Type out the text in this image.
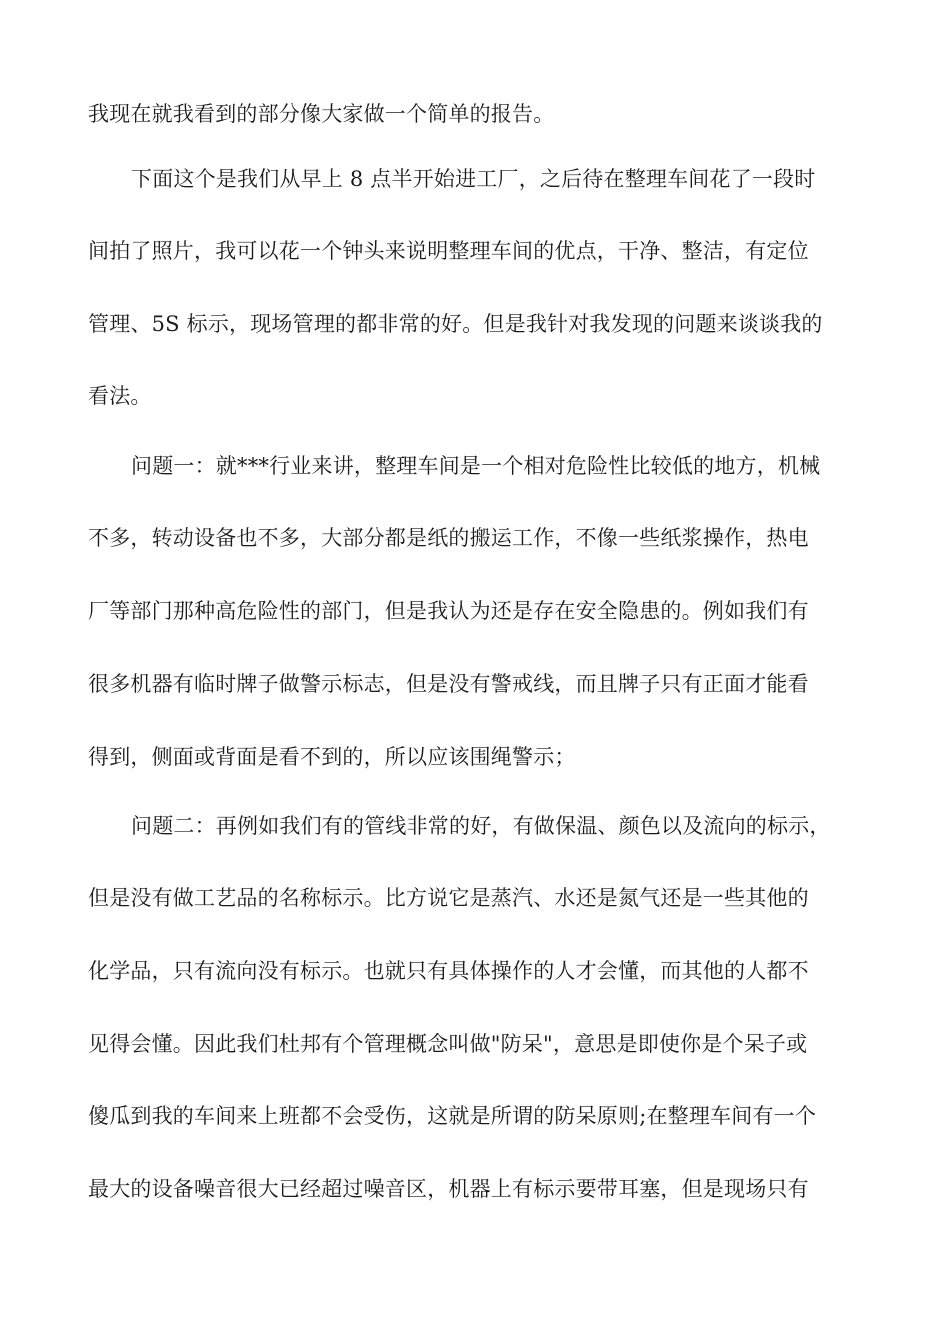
我现在就我看到的部分像大家做一个简单的报告。

下面这个是我们从早上 8 点半开始进工厂，之后待在整理车间花了一段时

间拍了照片，我可以花一个钟头来说明整理车间的优点，干净、整洁，有定位

管理、5S 标示，现场管理的都非常的好。但是我针对我发现的问题来谈谈我的

看法。

问题一：就***行业来讲，整理车间是一个相对危险性比较低的地方，机械

不多，转动设备也不多，大部分都是纸的搬运工作，不像一些纸浆操作，热电

厂等部门那种高危险性的部门，但是我认为还是存在安全隐患的。例如我们有

很多机器有临时牌子做警示标志，但是没有警戒线，而且牌子只有正面才能看

得到，侧面或背面是看不到的，所以应该围绳警示；

问题二：再例如我们有的管线非常的好，有做保温、颜色以及流向的标示，

但是没有做工艺品的名称标示。比方说它是蒸汽、水还是氮气还是一些其他的

化学品，只有流向没有标示。也就只有具体操作的人才会懂，而其他的人都不

见得会懂。因此我们杜邦有个管理概念叫做"防呆"，意思是即使你是个呆子或

傻瓜到我的车间来上班都不会受伤，这就是所谓的防呆原则;在整理车间有一个

最大的设备噪音很大已经超过噪音区，机器上有标示要带耳塞，但是现场只有
